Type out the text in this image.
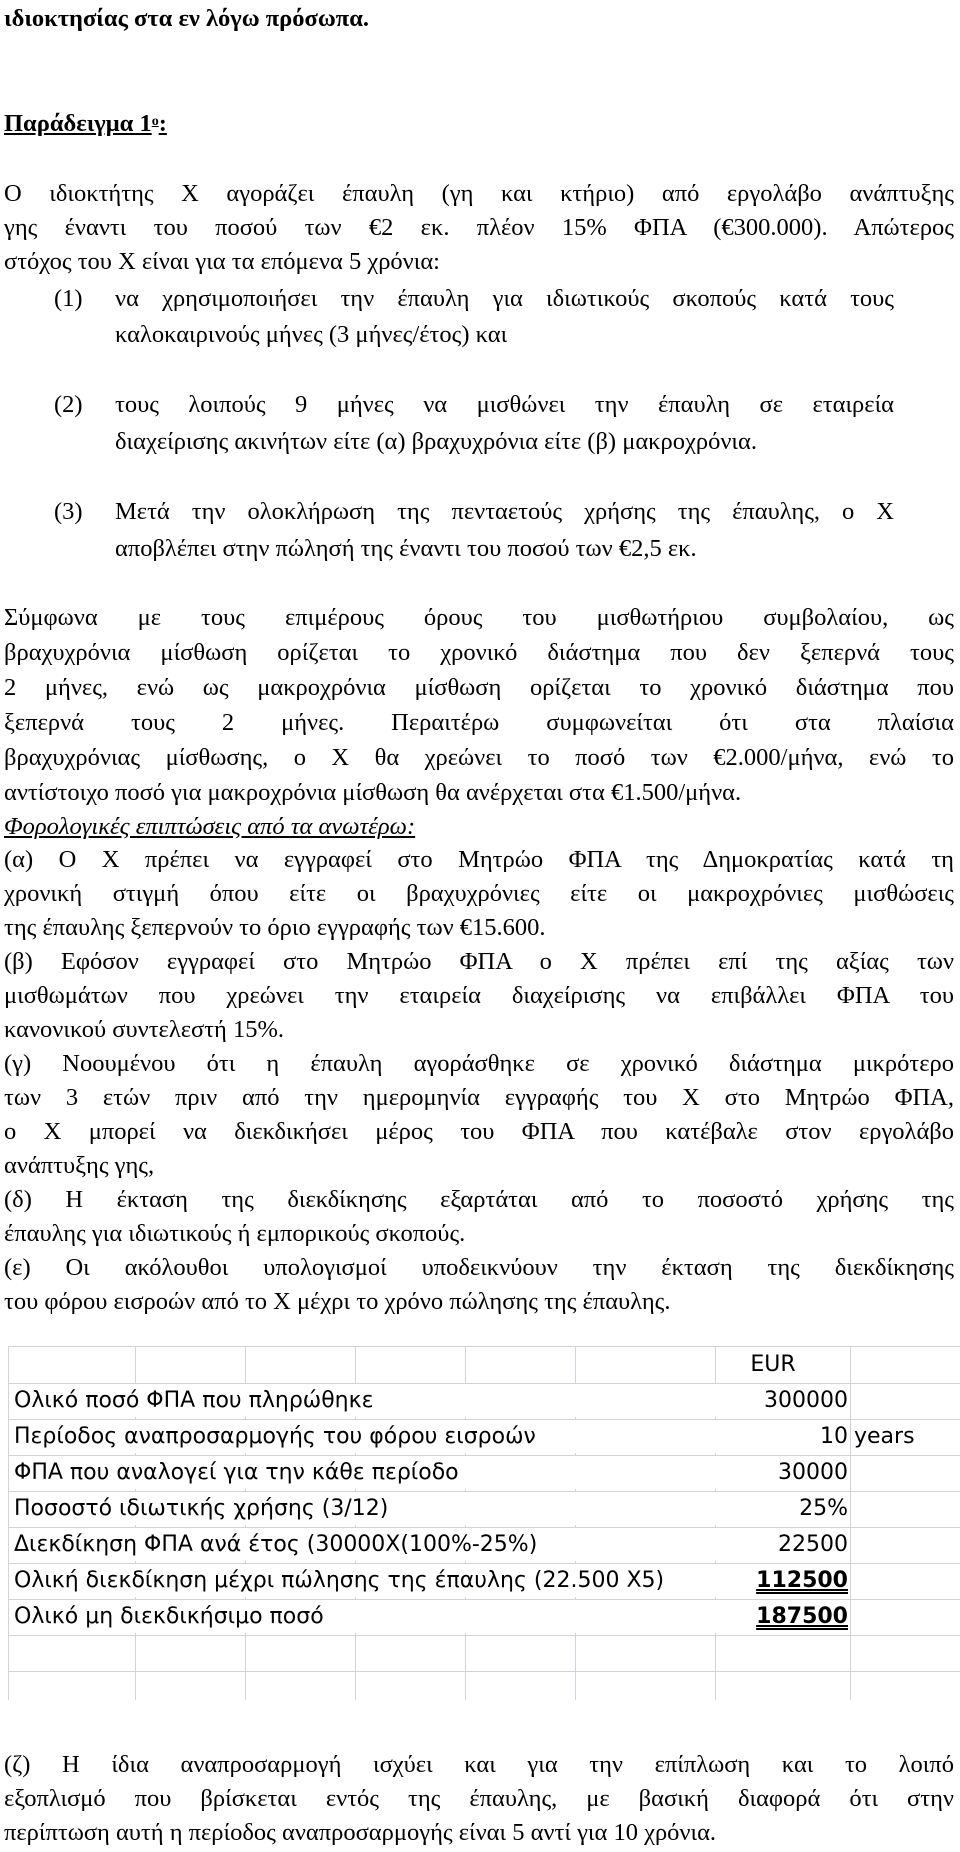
ιδιοκτησίας στα εν λόγω πρόσωπα.
Παράδειγμα $1^o$:
Ο ιδιοκτήτης Χ αγοράζει έπαυλη (γη και κτήριο) από εργολάβο ανάπτυξης
γης έναντι του ποσού των €2 εκ. πλέον 15% ΦΠΑ (€300.000). Απώτερος
στόχος του Χ είναι για τα επόμενα 5 χρόνια:
(1) να χρησιμοποιήσει την έπαυλη για ιδιωτικούς σκοπούς κατά τους
καλοκαιρινούς μήνες (3 μήνες/έτος) και
(2) τους λοιπούς 9 μήνες να μισθώνει την έπαυλη σε εταιρεία
διαχείρισης ακινήτων είτε (α) βραχυχρόνια είτε (β) μακροχρόνια.
(3) Μετά την ολοκλήρωση της πενταετούς χρήσης της έπαυλης, ο Χ
αποβλέπει στην πώλησή της έναντι του ποσού των €2,5 εκ.
Σύμφωνα με τους επιμέρους όρους του μισθωτήριου συμβολαίου, ως
βραχυχρόνια μίσθωση ορίζεται το χρονικό διάστημα που δεν ξεπερνά τους
2 μήνες, ενώ ως μακροχρόνια μίσθωση ορίζεται το χρονικό διάστημα που
ξεπερνά τους 2 μήνες. Περαιτέρω συμφωνείται ότι στα πλαίσια
βραχυχρόνιας μίσθωσης, ο Χ θα χρεώνει το ποσό των €2.000/μήνα, ενώ το
αντίστοιχο ποσό για μακροχρόνια μίσθωση θα ανέρχεται στα €1.500/μήνα.
Φορολογικές επιπτώσεις από τα ανωτέρω:
(α) Ο Χ πρέπει να εγγραφεί στο Μητρώο ΦΠΑ της Δημοκρατίας κατά τη
χρονική στιγμή όπου είτε οι βραχυχρόνιες είτε οι μακροχρόνιες μισθώσεις
της έπαυλης ξεπερνούν το όριο εγγραφής των €15.600.
(β) Εφόσον εγγραφεί στο Μητρώο ΦΠΑ ο Χ πρέπει επί της αξίας των
μισθωμάτων που χρεώνει την εταιρεία διαχείρισης να επιβάλλει ΦΠΑ του
κανονικού συντελεστή 15%.
(γ) Νοουμένου ότι η έπαυλη αγοράσθηκε σε χρονικό διάστημα μικρότερο
των 3 ετών πριν από την ημερομηνία εγγραφής του Χ στο Μητρώο ΦΠΑ,
ο Χ μπορεί να διεκδικήσει μέρος του ΦΠΑ που κατέβαλε στον εργολάβο
ανάπτυξης γης,
(δ) Η έκταση της διεκδίκησης εξαρτάται από το ποσοστό χρήσης της
έπαυλης για ιδιωτικούς ή εμπορικούς σκοπούς.
(ε) Οι ακόλουθοι υπολογισμοί υποδεικνύουν την έκταση της διεκδίκησης
του φόρου εισροών από το Χ μέχρι το χρόνο πώλησης της έπαυλης.
EUR
Ολικό ποσό ΦΠΑ που πληρώθηκε	300000
Περίοδος αναπροσαρμογής του φόρου εισροών	10 years
ΦΠΑ που αναλογεί για την κάθε περίοδο	30000
Ποσοστό ιδιωτικής χρήσης (3/12)	25%
Διεκδίκηση ΦΠΑ ανά έτος (30000Χ(100%-25%)	22500
Ολική διεκδίκηση μέχρι πώλησης της έπαυλης (22.500 Χ5)	112500
Ολικό μη διεκδικήσιμο ποσό	187500
(ζ) Η ίδια αναπροσαρμογή ισχύει και για την επίπλωση και το λοιπό
εξοπλισμό που βρίσκεται εντός της έπαυλης, με βασική διαφορά ότι στην
περίπτωση αυτή η περίοδος αναπροσαρμογής είναι 5 αντί για 10 χρόνια.
